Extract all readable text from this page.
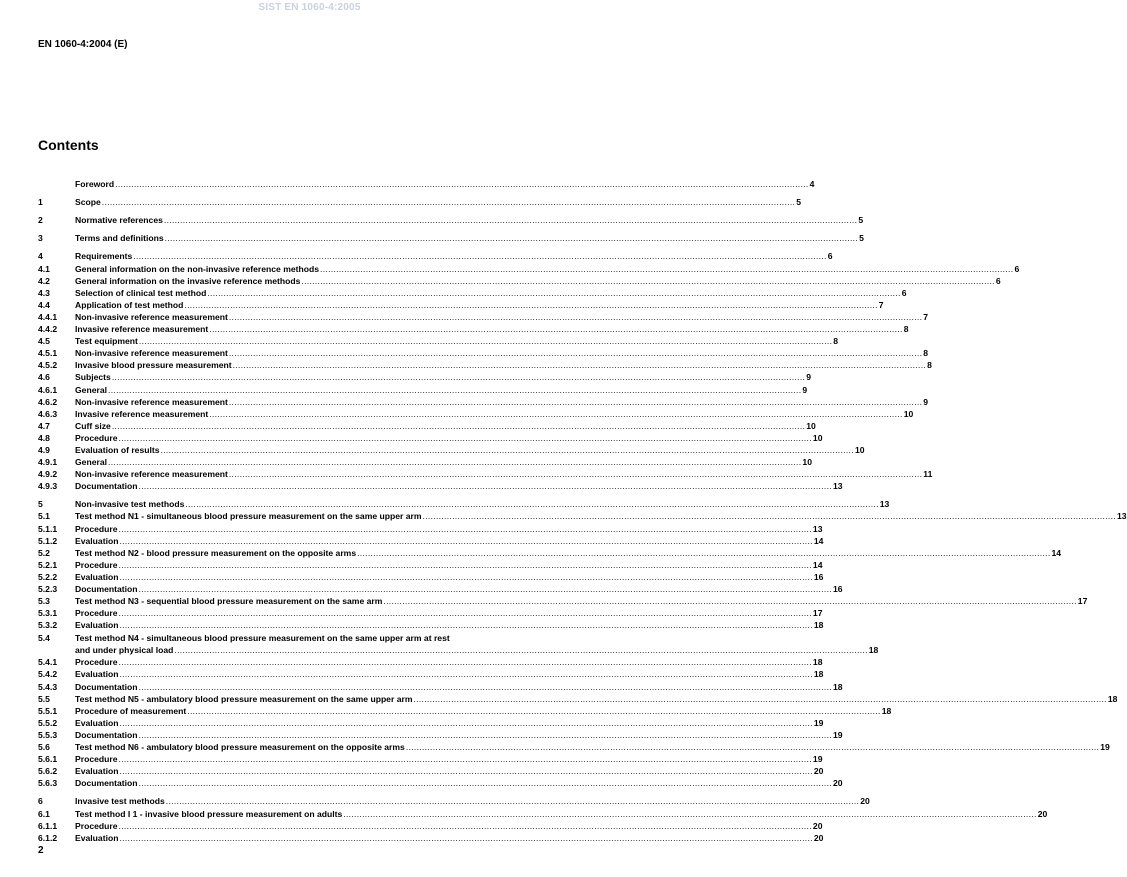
SIST EN 1060-4:2005
EN 1060-4:2004 (E)
Contents
Foreword .....	4
1	Scope .....	5
2	Normative references .....	5
3	Terms and definitions .....	5
4	Requirements .....	6
4.1	General information on the non-invasive reference methods .....	6
4.2	General information on the invasive reference methods .....	6
4.3	Selection of clinical test method .....	6
4.4	Application of test method .....	7
4.4.1	Non-invasive reference measurement .....	7
4.4.2	Invasive reference measurement .....	8
4.5	Test equipment .....	8
4.5.1	Non-invasive reference measurement .....	8
4.5.2	Invasive blood pressure measurement .....	8
4.6	Subjects .....	9
4.6.1	General .....	9
4.6.2	Non-invasive reference measurement .....	9
4.6.3	Invasive reference measurement .....	10
4.7	Cuff size .....	10
4.8	Procedure .....	10
4.9	Evaluation of results .....	10
4.9.1	General .....	10
4.9.2	Non-invasive reference measurement .....	11
4.9.3	Documentation .....	13
5	Non-invasive test methods .....	13
5.1	Test method N1 - simultaneous blood pressure measurement on the same upper arm .....	13
5.1.1	Procedure .....	13
5.1.2	Evaluation .....	14
5.2	Test method N2 - blood pressure measurement on the opposite arms .....	14
5.2.1	Procedure .....	14
5.2.2	Evaluation .....	16
5.2.3	Documentation .....	16
5.3	Test method N3 - sequential blood pressure measurement on the same arm .....	17
5.3.1	Procedure .....	17
5.3.2	Evaluation .....	18
5.4	Test method N4 - simultaneous blood pressure measurement on the same upper arm at rest
and under physical load .....	18
5.4.1	Procedure .....	18
5.4.2	Evaluation .....	18
5.4.3	Documentation .....	18
5.5	Test method N5 - ambulatory blood pressure measurement on the same upper arm .....	18
5.5.1	Procedure of measurement .....	18
5.5.2	Evaluation .....	19
5.5.3	Documentation .....	19
5.6	Test method N6 - ambulatory blood pressure measurement on the opposite arms .....	19
5.6.1	Procedure .....	19
5.6.2	Evaluation .....	20
5.6.3	Documentation .....	20
6	Invasive test methods .....	20
6.1	Test method I 1 - invasive blood pressure measurement on adults .....	20
6.1.1	Procedure .....	20
6.1.2	Evaluation .....	20
2
